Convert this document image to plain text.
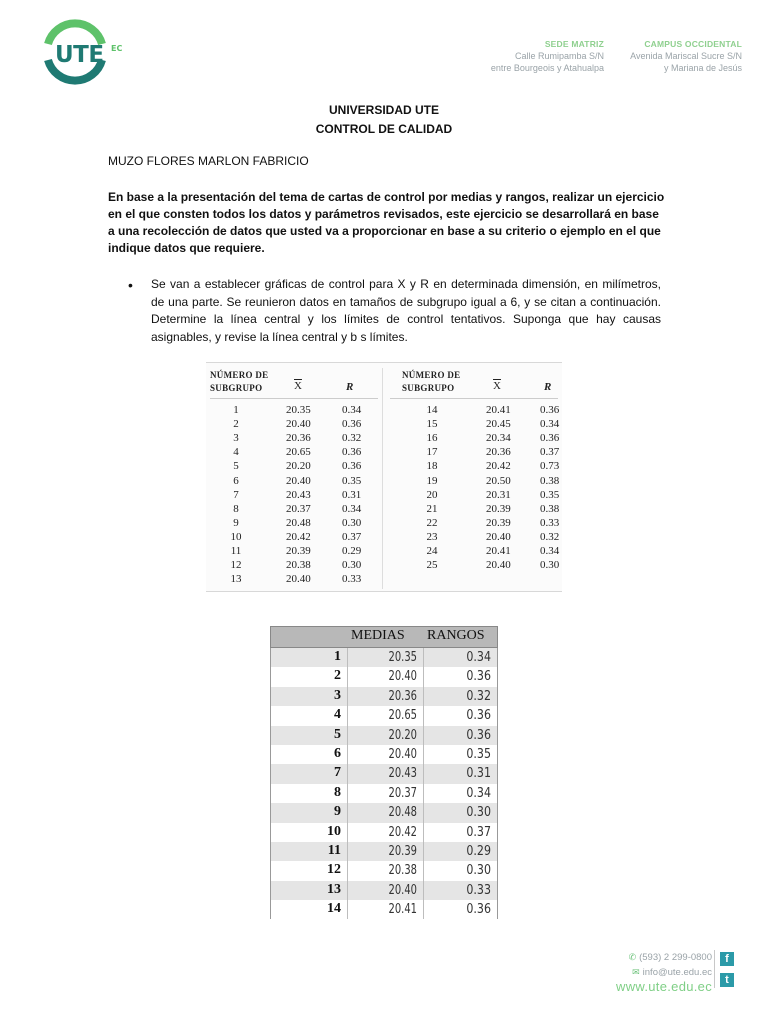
UTE EC	SEDE MATRIZ
Calle Rumipamba S/N
entre Bourgeois y Atahualpa
CAMPUS OCCIDENTAL
Avenida Mariscal Sucre S/N
y Mariana de Jesús
UNIVERSIDAD UTE
CONTROL DE CALIDAD
MUZO FLORES MARLON FABRICIO
En base a la presentación del tema de cartas de control por medias y rangos, realizar un ejercicio en el que consten todos los datos y parámetros revisados, este ejercicio se desarrollará en base a una recolección de datos que usted va a proporcionar en base a su criterio o ejemplo en el que indique datos que requiere.
• Se van a establecer gráficas de control para X y R en determinada dimensión, en milímetros, de una parte. Se reunieron datos en tamaños de subgrupo igual a 6, y se citan a continuación. Determine la línea central y los límites de control tentativos. Suponga que hay causas asignables, y revise la línea central y b s límites.
NÚMERO DE
SUBGRUPO	$\overline{X}$	R
NÚMERO DE
SUBGRUPO	$\overline{X}$	R
1	20.35	0.34
2	20.40	0.36
3	20.36	0.32
4	20.65	0.36
5	20.20	0.36
6	20.40	0.35
7	20.43	0.31
8	20.37	0.34
9	20.48	0.30
10	20.42	0.37
11	20.39	0.29
12	20.38	0.30
13	20.40	0.33
14	20.41	0.36
15	20.45	0.34
16	20.34	0.36
17	20.36	0.37
18	20.42	0.73
19	20.50	0.38
20	20.31	0.35
21	20.39	0.38
22	20.39	0.33
23	20.40	0.32
24	20.41	0.34
25	20.40	0.30
MEDIAS RANGOS
1	20.35	0.34
2	20.40	0.36
3	20.36	0.32
4	20.65	0.36
5	20.20	0.36
6	20.40	0.35
7	20.43	0.31
8	20.37	0.34
9	20.48	0.30
10	20.42	0.37
11	20.39	0.29
12	20.38	0.30
13	20.40	0.33
14	20.41	0.36
✆ (593) 2 299-0800
✉ info@ute.edu.ec
www.ute.edu.ec
f
t
